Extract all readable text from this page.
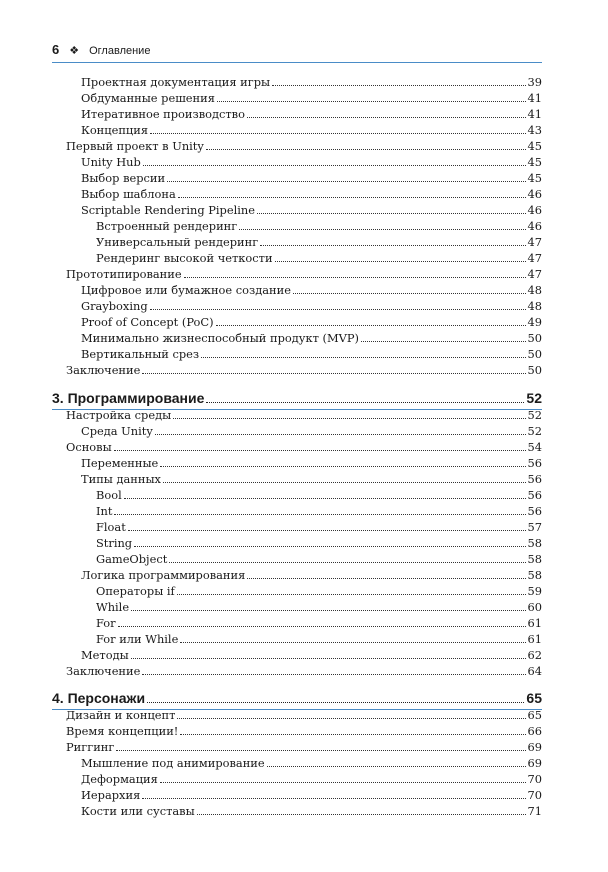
6 ❖ Оглавление
Проектная документация игры	39
Обдуманные решения	41
Итеративное производство	41
Концепция	43
Первый проект в Unity	45
Unity Hub	45
Выбор версии	45
Выбор шаблона	46
Scriptable Rendering Pipeline	46
Встроенный рендеринг	46
Универсальный рендеринг	47
Рендеринг высокой четкости	47
Прототипирование	47
Цифровое или бумажное создание	48
Grayboxing	48
Proof of Concept (PoC)	49
Минимально жизнеспособный продукт (MVP)	50
Вертикальный срез	50
Заключение	50
3. Программирование	52
Настройка среды	52
Среда Unity	52
Основы	54
Переменные	56
Типы данных	56
Bool	56
Int	56
Float	57
String	58
GameObject	58
Логика программирования	58
Операторы if	59
While	60
For	61
For или While	61
Методы	62
Заключение	64
4. Персонажи	65
Дизайн и концепт	65
Время концепции!	66
Риггинг	69
Мышление под анимирование	69
Деформация	70
Иерархия	70
Кости или суставы	71
